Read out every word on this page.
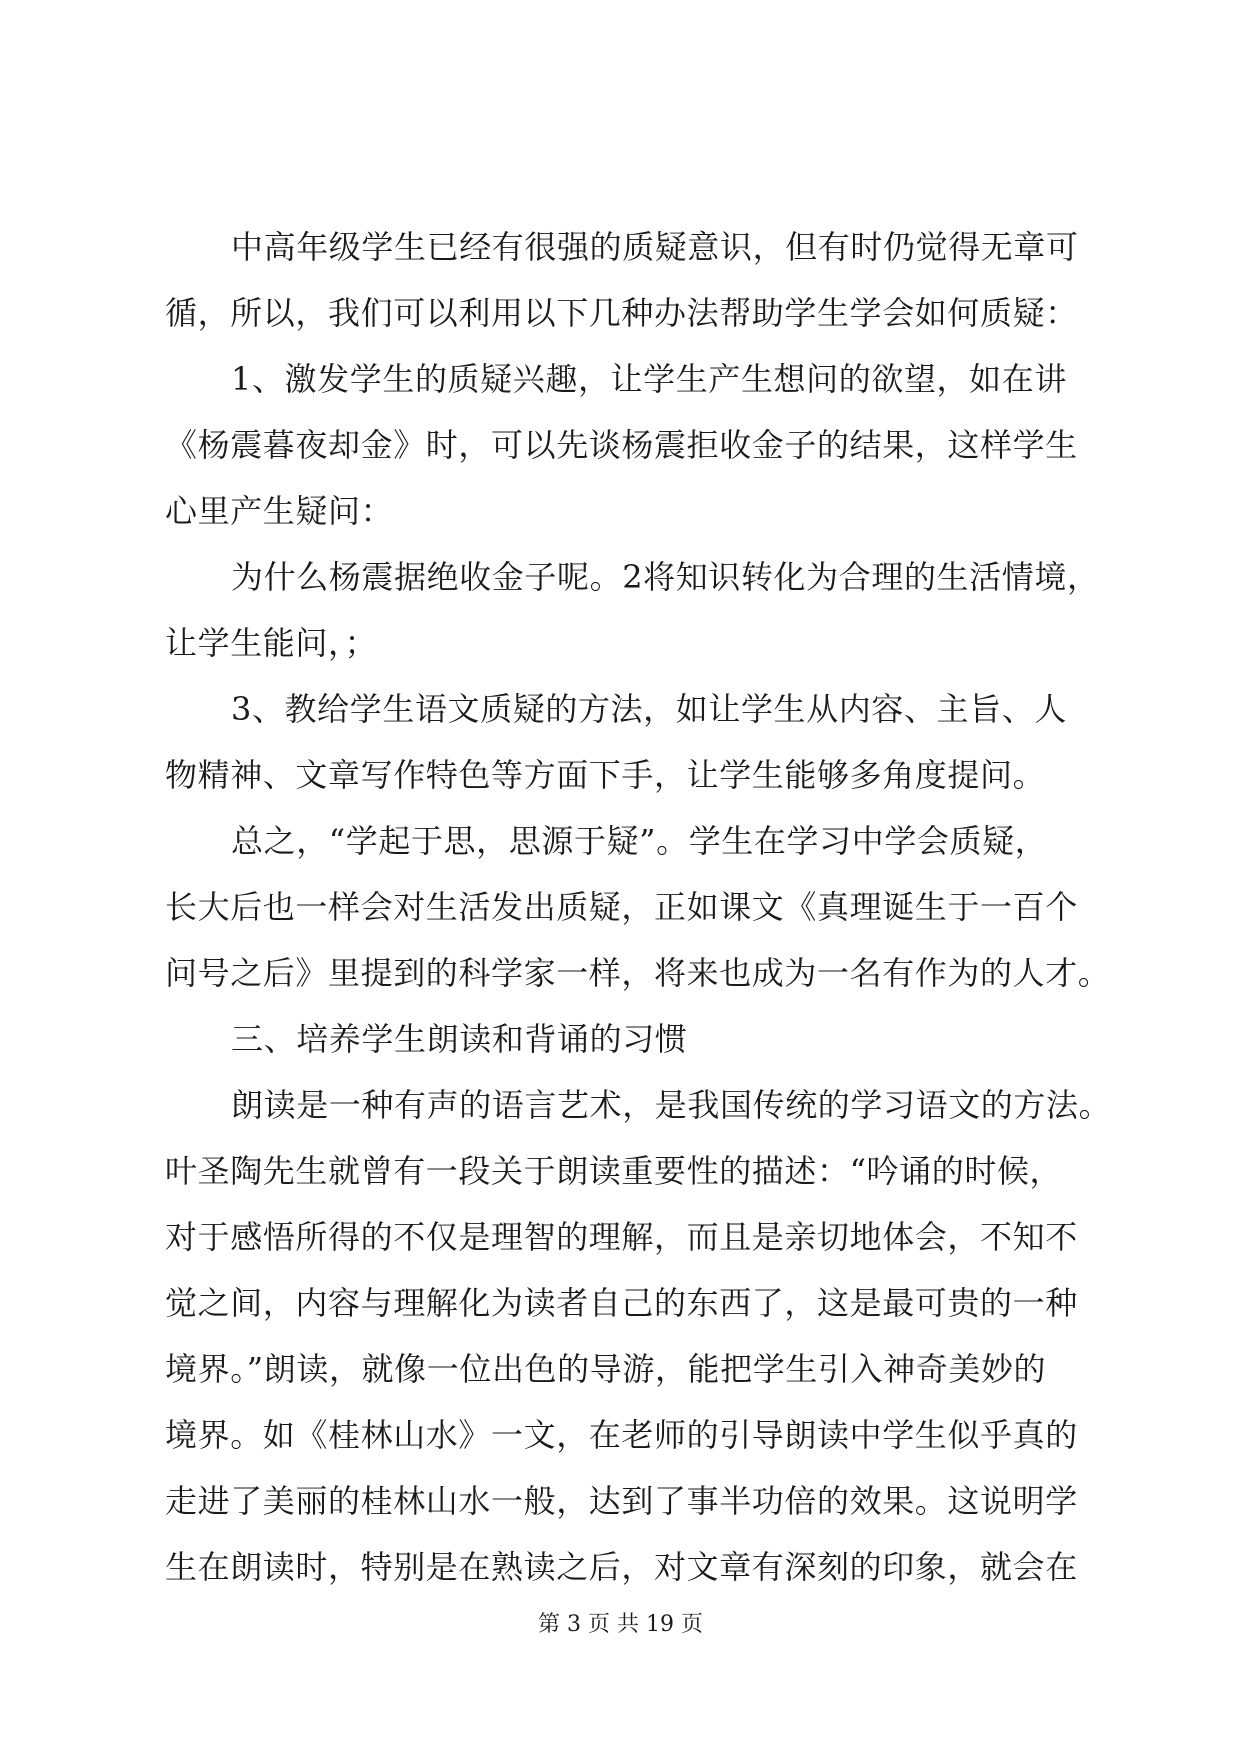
中高年级学生已经有很强的质疑意识，但有时仍觉得无章可
循，所以，我们可以利用以下几种办法帮助学生学会如何质疑：
1、激发学生的质疑兴趣，让学生产生想问的欲望，如在讲
《杨震暮夜却金》时，可以先谈杨震拒收金子的结果，这样学生
心里产生疑问：
为什么杨震据绝收金子呢。2将知识转化为合理的生活情境，
让学生能问，；
3、教给学生语文质疑的方法，如让学生从内容、主旨、人
物精神、文章写作特色等方面下手，让学生能够多角度提问。
总之，“学起于思，思源于疑”。学生在学习中学会质疑，
长大后也一样会对生活发出质疑，正如课文《真理诞生于一百个
问号之后》里提到的科学家一样，将来也成为一名有作为的人才。
三、培养学生朗读和背诵的习惯
朗读是一种有声的语言艺术，是我国传统的学习语文的方法。
叶圣陶先生就曾有一段关于朗读重要性的描述：“吟诵的时候，
对于感悟所得的不仅是理智的理解，而且是亲切地体会，不知不
觉之间，内容与理解化为读者自己的东西了，这是最可贵的一种
境界。”朗读，就像一位出色的导游，能把学生引入神奇美妙的
境界。如《桂林山水》一文，在老师的引导朗读中学生似乎真的
走进了美丽的桂林山水一般，达到了事半功倍的效果。这说明学
生在朗读时，特别是在熟读之后，对文章有深刻的印象，就会在
第 3 页 共 19 页
